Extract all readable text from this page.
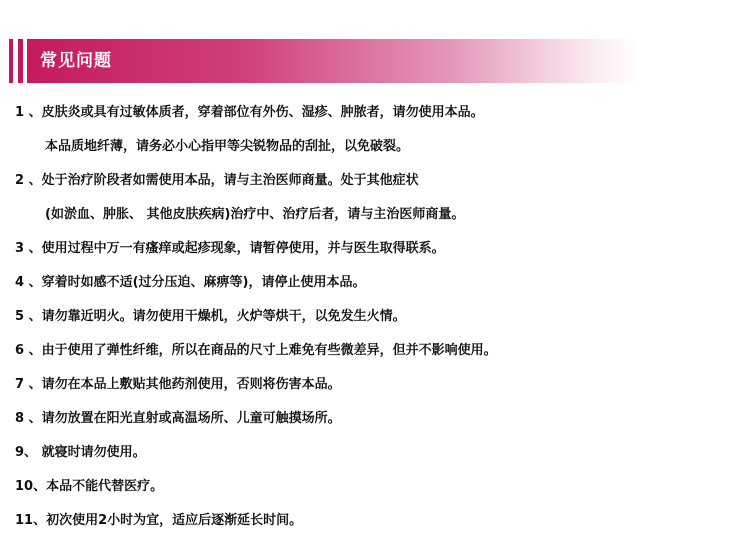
常见问题
1 、皮肤炎或具有过敏体质者，穿着部位有外伤、湿疹、肿脓者，请勿使用本品。
本品质地纤薄，请务必小心指甲等尖锐物品的刮扯，以免破裂。
2 、处于治疗阶段者如需使用本品，请与主治医师商量。处于其他症状
(如淤血、肿胀、 其他皮肤疾病)治疗中、治疗后者，请与主治医师商量。
3 、使用过程中万一有瘙痒或起疹现象，请暂停使用，并与医生取得联系。
4 、穿着时如感不适(过分压迫、麻痹等)，请停止使用本品。
5 、请勿靠近明火。请勿使用干燥机，火炉等烘干，以免发生火情。
6 、由于使用了弹性纤维，所以在商品的尺寸上难免有些微差异，但并不影响使用。
7 、请勿在本品上敷贴其他药剂使用，否则将伤害本品。
8 、请勿放置在阳光直射或高温场所、儿童可触摸场所。
9、 就寝时请勿使用。
10、本品不能代替医疗。
11、初次使用2小时为宜，适应后逐渐延长时间。
